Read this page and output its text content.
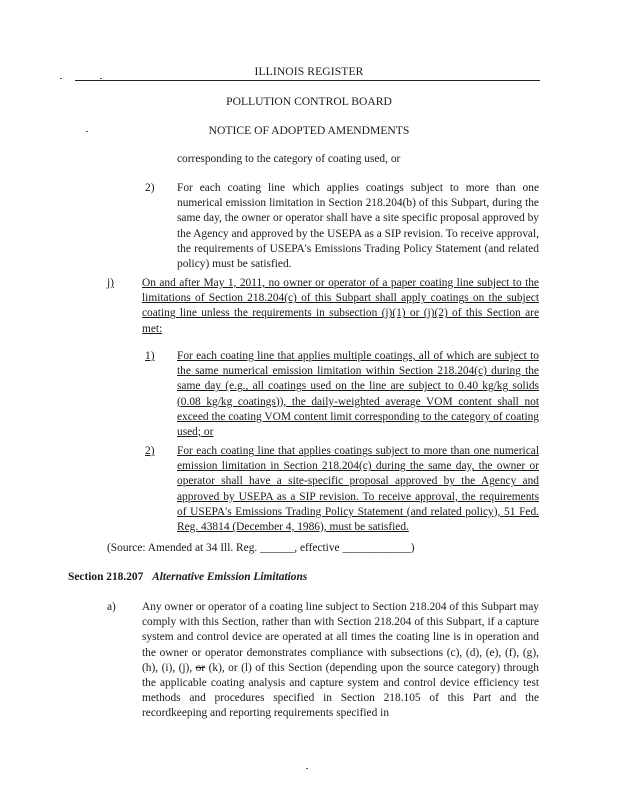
ILLINOIS REGISTER
POLLUTION CONTROL BOARD
NOTICE OF ADOPTED AMENDMENTS
corresponding to the category of coating used, or
2) For each coating line which applies coatings subject to more than one numerical emission limitation in Section 218.204(b) of this Subpart, during the same day, the owner or operator shall have a site specific proposal approved by the Agency and approved by the USEPA as a SIP revision. To receive approval, the requirements of USEPA's Emissions Trading Policy Statement (and related policy) must be satisfied.
j) On and after May 1, 2011, no owner or operator of a paper coating line subject to the limitations of Section 218.204(c) of this Subpart shall apply coatings on the subject coating line unless the requirements in subsection (j)(1) or (j)(2) of this Section are met:
1) For each coating line that applies multiple coatings, all of which are subject to the same numerical emission limitation within Section 218.204(c) during the same day (e.g., all coatings used on the line are subject to 0.40 kg/kg solids (0.08 kg/kg coatings)), the daily-weighted average VOM content shall not exceed the coating VOM content limit corresponding to the category of coating used; or
2) For each coating line that applies coatings subject to more than one numerical emission limitation in Section 218.204(c) during the same day, the owner or operator shall have a site-specific proposal approved by the Agency and approved by USEPA as a SIP revision. To receive approval, the requirements of USEPA's Emissions Trading Policy Statement (and related policy), 51 Fed. Reg. 43814 (December 4, 1986), must be satisfied.
(Source: Amended at 34 Ill. Reg. ______, effective ____________)
Section 218.207 Alternative Emission Limitations
a) Any owner or operator of a coating line subject to Section 218.204 of this Subpart may comply with this Section, rather than with Section 218.204 of this Subpart, if a capture system and control device are operated at all times the coating line is in operation and the owner or operator demonstrates compliance with subsections (c), (d), (e), (f), (g), (h), (i), (j), or (k), or (l) of this Section (depending upon the source category) through the applicable coating analysis and capture system and control device efficiency test methods and procedures specified in Section 218.105 of this Part and the recordkeeping and reporting requirements specified in
